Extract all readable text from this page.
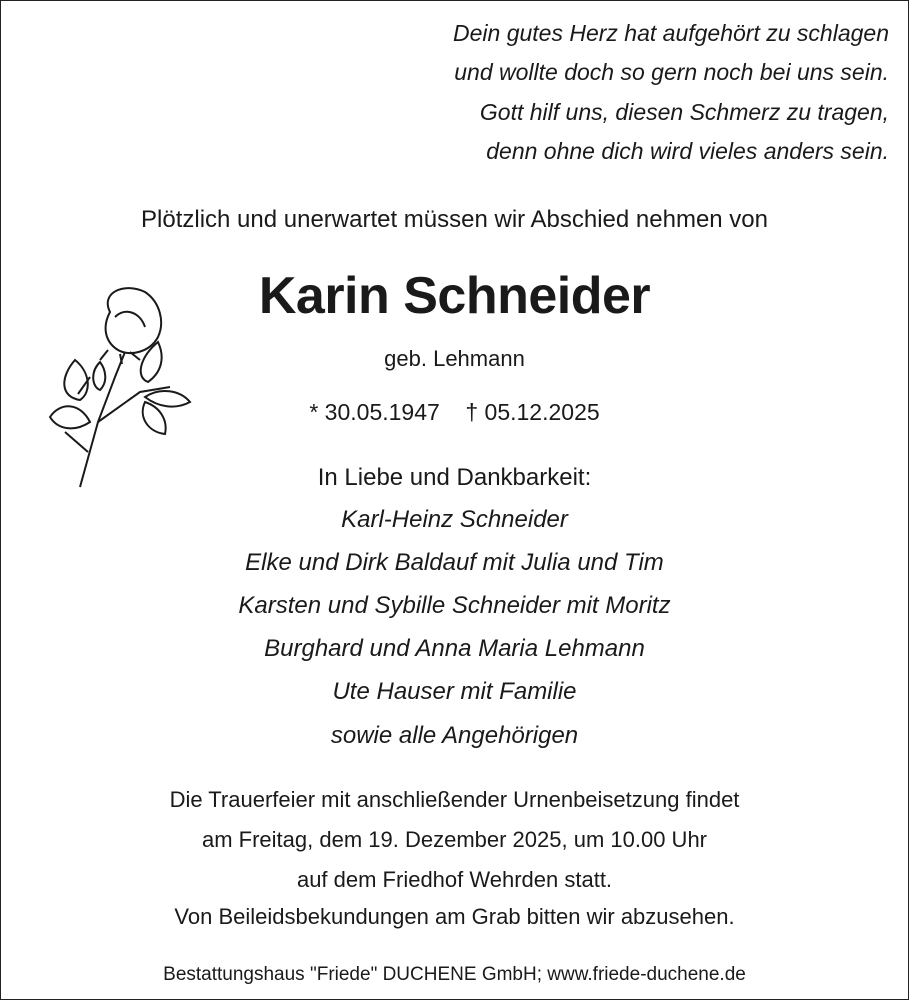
Dein gutes Herz hat aufgehört zu schlagen
und wollte doch so gern noch bei uns sein.
Gott hilf uns, diesen Schmerz zu tragen,
denn ohne dich wird vieles anders sein.
Plötzlich und unerwartet müssen wir Abschied nehmen von
Karin Schneider
geb. Lehmann
* 30.05.1947 † 05.12.2025
In Liebe und Dankbarkeit:
Karl-Heinz Schneider
Elke und Dirk Baldauf mit Julia und Tim
Karsten und Sybille Schneider mit Moritz
Burghard und Anna Maria Lehmann
Ute Hauser mit Familie
sowie alle Angehörigen
Die Trauerfeier mit anschließender Urnenbeisetzung findet
am Freitag, dem 19. Dezember 2025, um 10.00 Uhr
auf dem Friedhof Wehrden statt.
Von Beileidsbekundungen am Grab bitten wir abzusehen.
Bestattungshaus "Friede" DUCHENE GmbH; www.friede-duchene.de
